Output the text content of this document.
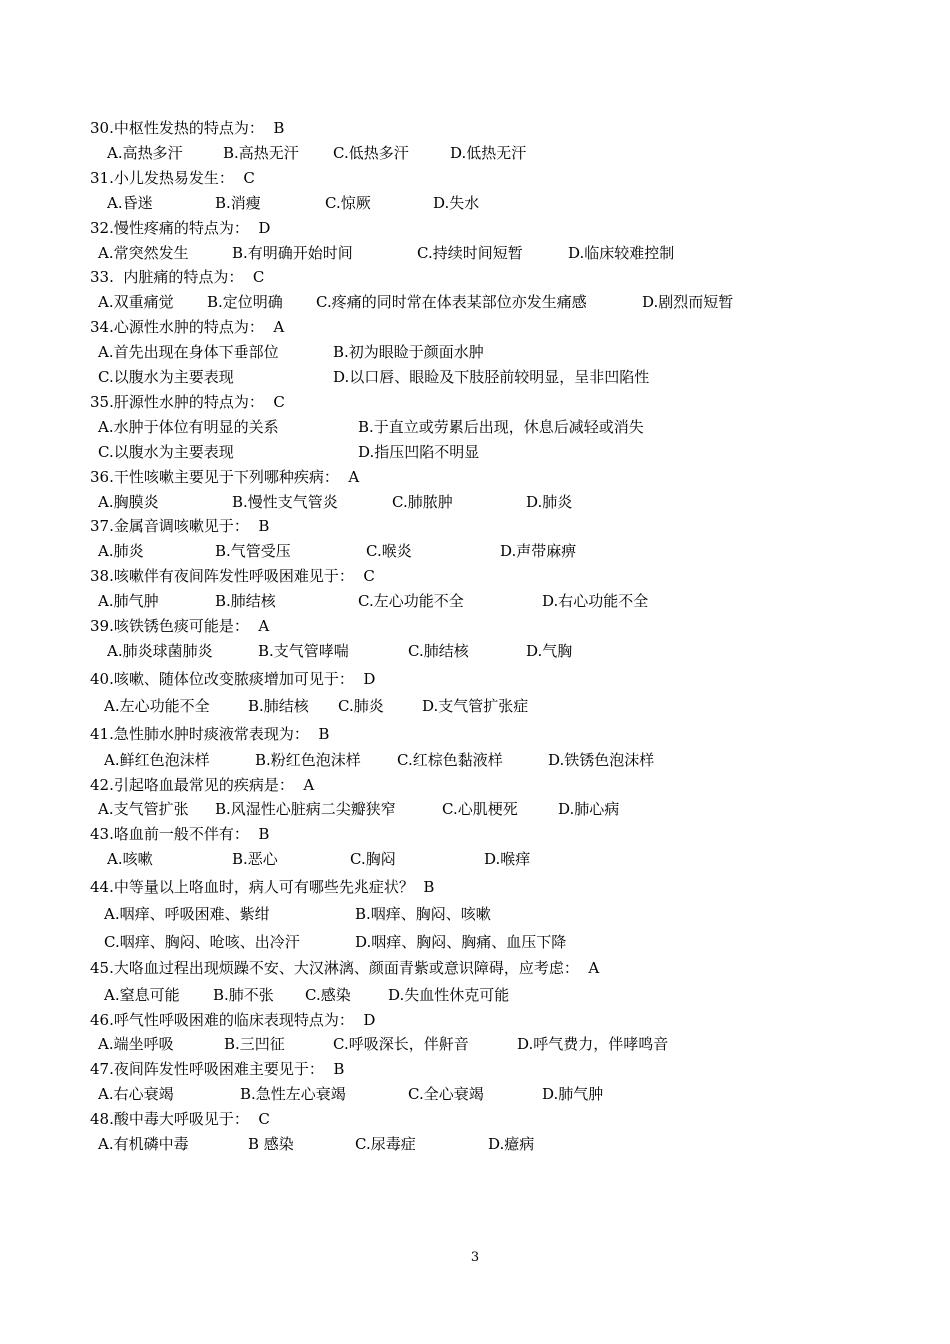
30.中枢性发热的特点为：  B

A.高热多汗

	B.高热无汗

C.低热多汗

	D.低热无汗

31.小儿发热易发生：  C

A.昏迷

	B.消瘦

	C.惊厥

	D.失水

32.慢性疼痛的特点为：  D

A.常突然发生

	B.有明确开始时间

	C.持续时间短暂

	D.临床较难控制

33.  内脏痛的特点为：  C

A.双重痛觉

B.定位明确

C.疼痛的同时常在体表某部位亦发生痛感

	D.剧烈而短暂

34.心源性水肿的特点为：  A

A.首先出现在身体下垂部位

	B.初为眼睑于颜面水肿

C.以腹水为主要表现

	D.以口唇、眼睑及下肢胫前较明显，呈非凹陷性

35.肝源性水肿的特点为：  C

A.水肿于体位有明显的关系

	B.于直立或劳累后出现，休息后减轻或消失

C.以腹水为主要表现

	D.指压凹陷不明显

36.干性咳嗽主要见于下列哪种疾病：  A

A.胸膜炎

	B.慢性支气管炎

	C.肺脓肿

	D.肺炎

37.金属音调咳嗽见于：  B

A.肺炎

	B.气管受压

	C.喉炎

	D.声带麻痹

38.咳嗽伴有夜间阵发性呼吸困难见于：  C

A.肺气肿

	B.肺结核

	C.左心功能不全

	D.右心功能不全

39.咳铁锈色痰可能是：  A

A.肺炎球菌肺炎

	B.支气管哮喘

	C.肺结核

	D.气胸

40.咳嗽、随体位改变脓痰增加可见于：  D

A.左心功能不全

	B.肺结核

C.肺炎

	D.支气管扩张症

41.急性肺水肿时痰液常表现为：  B

A.鲜红色泡沫样

	B.粉红色泡沫样

C.红棕色黏液样

	D.铁锈色泡沫样

42.引起咯血最常见的疾病是：  A

A.支气管扩张

B.风湿性心脏病二尖瓣狭窄

	C.心肌梗死

	D.肺心病

43.咯血前一般不伴有：  B

A.咳嗽

	B.恶心

	C.胸闷

	D.喉痒

44.中等量以上咯血时，病人可有哪些先兆症状？  B

A.咽痒、呼吸困难、紫绀

	B.咽痒、胸闷、咳嗽

C.咽痒、胸闷、呛咳、出冷汗

	D.咽痒、胸闷、胸痛、血压下降

45.大咯血过程出现烦躁不安、大汉淋漓、颜面青紫或意识障碍，应考虑：  A

A.窒息可能

B.肺不张

C.感染

D.失血性休克可能

46.呼气性呼吸困难的临床表现特点为：  D

A.端坐呼吸

	B.三凹征

	C.呼吸深长，伴鼾音

	D.呼气费力，伴哮鸣音

47.夜间阵发性呼吸困难主要见于：  B

A.右心衰竭

	B.急性左心衰竭

	C.全心衰竭

	D.肺气肿

48.酸中毒大呼吸见于：  C

A.有机磷中毒

	B 感染

	C.尿毒症

	D.癔病

3
